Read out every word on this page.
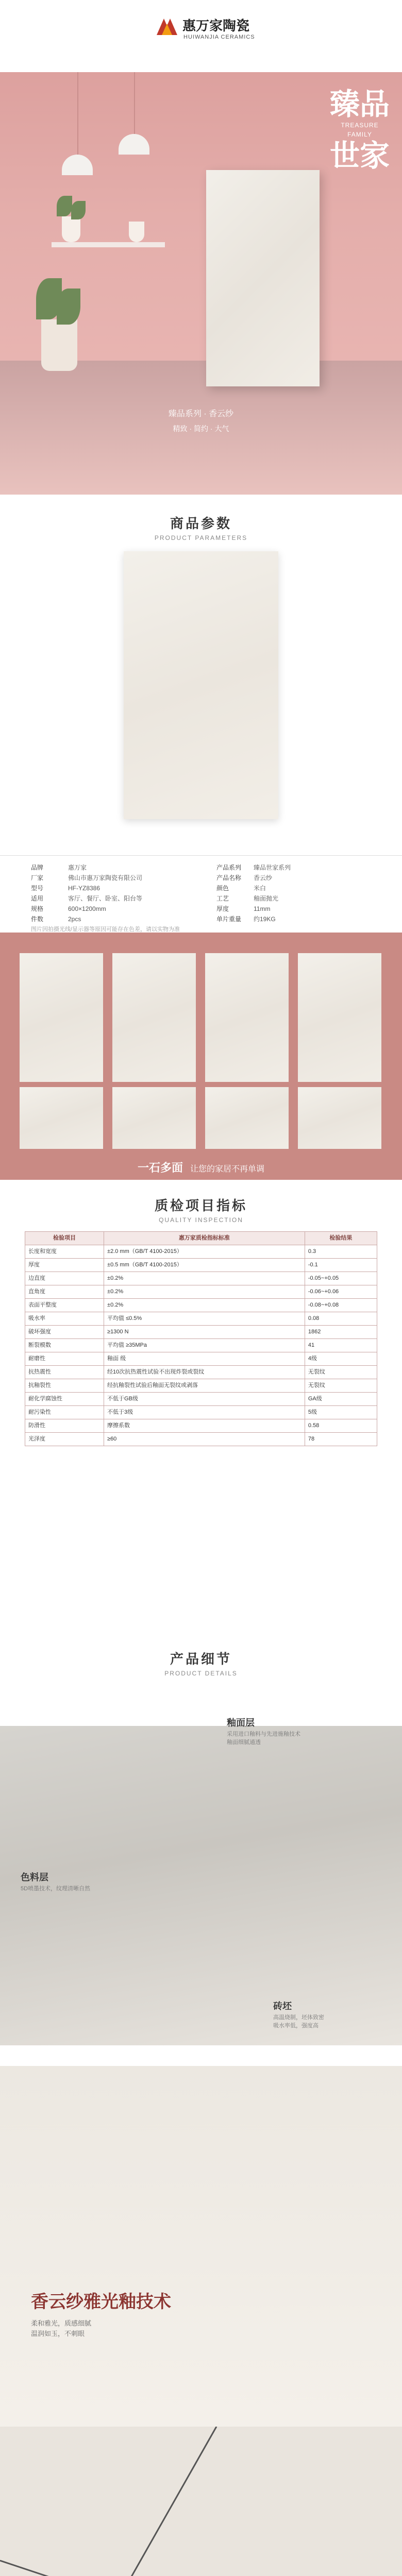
惠万家陶瓷
HUIWANJIA CERAMICS
臻品
TREASURE FAMILY
世家
臻品系列 · 香云纱
精致 · 简约 · 大气
商品参数
PRODUCT PARAMETERS
品牌	惠万家	产品系列 臻品世家系列
厂家	佛山市惠万家陶瓷有限公司	产品名称 香云纱
型号	HF-YZ8386	颜色	米白
适用	客厅、餐厅、卧室、阳台等	工艺	釉面抛光
规格	600×1200mm	厚度	11mm
件数	2pcs	单片重量 约19KG
图片因拍摄光线/显示器等原因可能存在色差，请以实物为准
一石多面 让您的家居不再单调
质检项目指标
QUALITY INSPECTION
检验项目	惠万家质检指标标准	检验结果
长度和宽度	±2.0 mm（GB/T 4100-2015）	0.3
厚度	±0.5 mm（GB/T 4100-2015）	-0.1
边直度	±0.2%	-0.05~+0.05
直角度	±0.2%	-0.06~+0.06
表面平整度	±0.2%	-0.08~+0.08
吸水率	平均值 ≤0.5%	0.08
破坏强度	≥1300 N	1862
断裂模数	平均值 ≥35MPa	41
耐磨性	釉面 级	4级
抗热震性	经10次抗热震性试验不出现炸裂或裂纹	无裂纹
抗釉裂性	经抗釉裂性试验后釉面无裂纹或剥落	无裂纹
耐化学腐蚀性	不低于GB级	GA级
耐污染性	不低于3级	5级
防滑性	摩擦系数	0.58
光泽度	≥60	78
产品细节
PRODUCT DETAILS
釉面层
采用进口釉料与先进施釉技术
釉面细腻通透
色料层
5D喷墨技术，纹理清晰自然
砖坯
高温烧制，坯体致密
吸水率低，强度高
香云纱雅光釉技术
柔和雅光，质感细腻
温润如玉，不刺眼
